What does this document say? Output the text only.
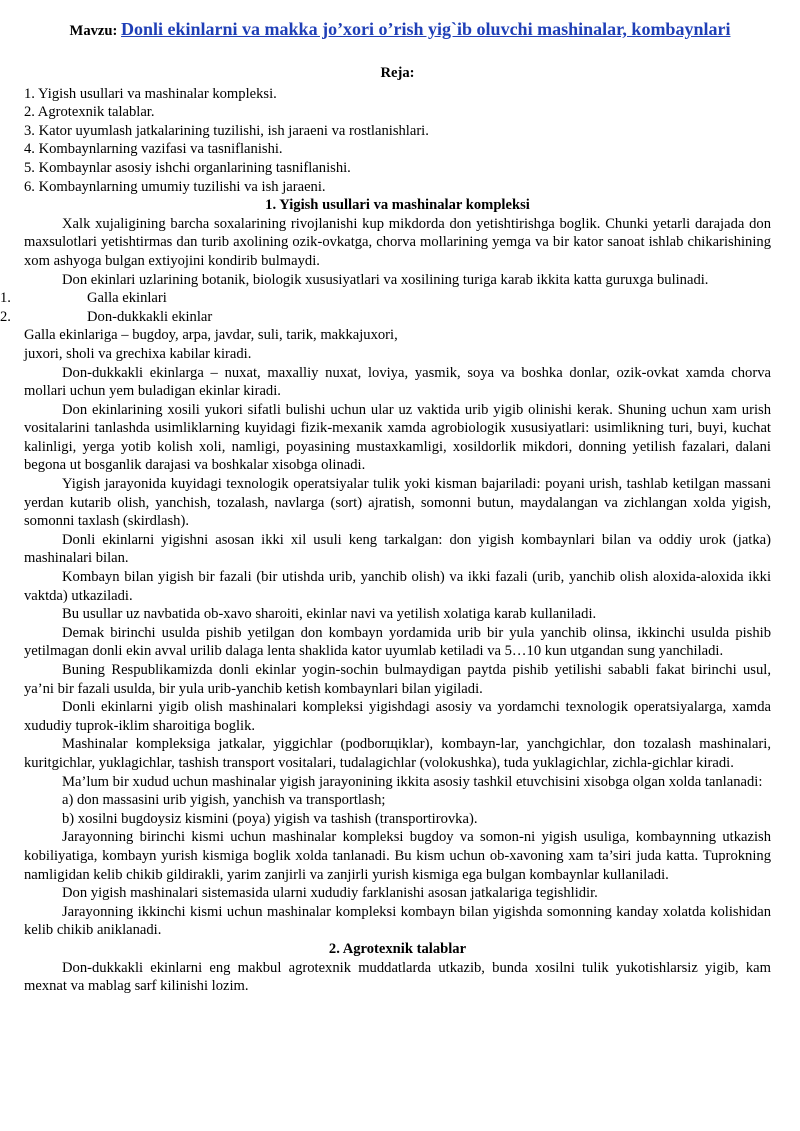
Mavzu: Donli ekinlarni va makka jo’xori o’rish yig`ib oluvchi mashinalar, kombaynlari
Reja:
1. Yigish usullari va mashinalar kompleksi.
2. Agrotexnik talablar.
3. Kator uyumlash jatkalarining tuzilishi, ish jaraeni va rostlanishlari.
4. Kombaynlarning vazifasi va tasniflanishi.
5. Kombaynlar asosiy ishchi organlarining tasniflanishi.
6. Kombaynlarning umumiy tuzilishi va ish jaraeni.
1. Yigish usullari va mashinalar kompleksi

Xalk xujaligining barcha soxalarining rivojlanishi kup mikdorda don yetishtirishga boglik. Chunki yetarli darajada don maxsulotlari yetishtirmas dan turib axolining ozik-ovkatga, chorva mollarining yemga va bir kator sanoat ishlab chikarishining xom ashyoga bulgan extiyojini kondirib bulmaydi.

Don ekinlari uzlarining botanik, biologik xususiyatlari va xosilining turiga karab ikkita katta guruxga bulinadi.

1.	Galla ekinlari
2.	Don-dukkakli ekinlar
Galla ekinlariga – bugdoy, arpa, javdar, suli, tarik, makkajuxori,
juxori, sholi va grechixa kabilar kiradi.

Don-dukkakli ekinlarga – nuxat, maxalliy nuxat, loviya, yasmik, soya va boshka donlar, ozik-ovkat xamda chorva mollari uchun yem buladigan ekinlar kiradi.

Don ekinlarining xosili yukori sifatli bulishi uchun ular uz vaktida urib yigib olinishi kerak. Shuning uchun xam urish vositalarini tanlashda usimliklarning kuyidagi fizik-mexanik xamda agrobiologik xususiyatlari: usimlikning turi, buyi, kuchat kalinligi, yerga yotib kolish xoli, namligi, poyasining mustaxkamligi, xosildorlik mikdori, donning yetilish fazalari, dalani begona ut bosganlik darajasi va boshkalar xisobga olinadi.

Yigish jarayonida kuyidagi texnologik operatsiyalar tulik yoki kisman bajariladi: poyani urish, tashlab ketilgan massani yerdan kutarib olish, yanchish, tozalash, navlarga (sort) ajratish, somonni butun, maydalangan va zichlangan xolda yigish, somonni taxlash (skirdlash).

Donli ekinlarni yigishni asosan ikki xil usuli keng tarkalgan: don yigish kombaynlari bilan va oddiy urok (jatka) mashinalari bilan.

Kombayn bilan yigish bir fazali (bir utishda urib, yanchib olish) va ikki fazali (urib, yanchib olish aloxida-aloxida ikki vaktda) utkaziladi.

Bu usullar uz navbatida ob-xavo sharoiti, ekinlar navi va yetilish xolatiga karab kullaniladi.

Demak birinchi usulda pishib yetilgan don kombayn yordamida urib bir yula yanchib olinsa, ikkinchi usulda pishib yetilmagan donli ekin avval urilib dalaga lenta shaklida kator uyumlab ketiladi va 5…10 kun utgandan sung yanchiladi.

Buning Respublikamizda donli ekinlar yogin-sochin bulmaydigan paytda pishib yetilishi sababli fakat birinchi usul, ya’ni bir fazali usulda, bir yula urib-yanchib ketish kombaynlari bilan yigiladi.

Donli ekinlarni yigib olish mashinalari kompleksi yigishdagi asosiy va yordamchi texnologik operatsiyalarga, xamda xududiy tuprok-iklim sharoitiga boglik.

Mashinalar kompleksiga jatkalar, yiggichlar (podborщiklar), kombayn-lar, yanchgichlar, don tozalash mashinalari, kuritgichlar, yuklagichlar, tashish transport vositalari, tudalagichlar (volokushka), tuda yuklagichlar, zichla-gichlar kiradi.

Ma’lum bir xudud uchun mashinalar yigish jarayonining ikkita asosiy tashkil etuvchisini xisobga olgan xolda tanlanadi:

a) don massasini urib yigish, yanchish va transportlash;
b) xosilnі bugdoysiz kismini (poya) yigish va tashish (transportirovka).

Jarayonning birinchi kismi uchun mashinalar kompleksi bugdoy va somon-ni yigish usuliga, kombaynning utkazish kobiliyatiga, kombayn yurish kismiga boglik xolda tanlanadi. Bu kism uchun ob-xavoning xam ta’siri juda katta. Tuprokning namligidan kelib chikib gildirakli, yarim zanjirli va zanjirli yurish kismiga ega bulgan kombaynlar kullaniladi.

Don yigish mashinalari sistemasida ularni xududiy farklanishi asosan jatkalariga tegishlidir.

Jarayonning ikkinchi kismi uchun mashinalar kompleksi kombayn bilan yigishda somonning kanday xolatda kolishidan kelib chikib aniklanadi.

2. Agrotexnik talablar

Don-dukkakli ekinlarni eng makbul agrotexnik muddatlarda utkazib, bunda xosilni tulik yukotishlarsiz yigib, kam mexnat va mablag sarf kilinishi lozim.
